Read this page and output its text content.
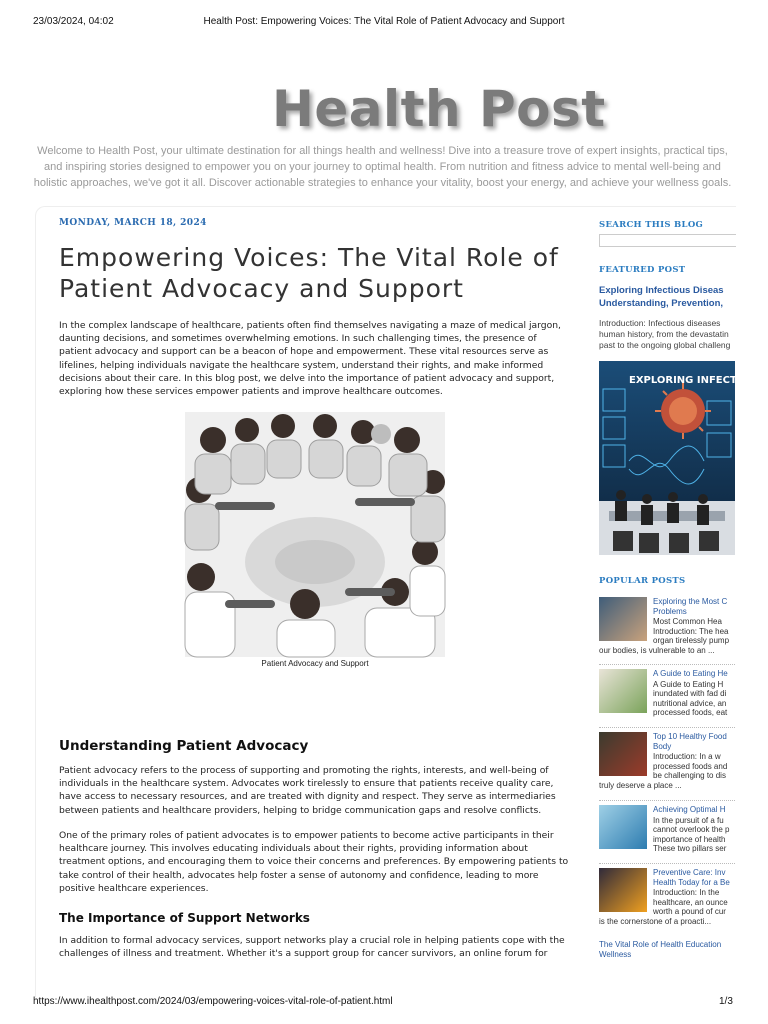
23/03/2024, 04:02	Health Post: Empowering Voices: The Vital Role of Patient Advocacy and Support
Health Post
Welcome to Health Post, your ultimate destination for all things health and wellness! Dive into a treasure trove of expert insights, practical tips, and inspiring stories designed to empower you on your journey to optimal health. From nutrition and fitness advice to mental well-being and holistic approaches, we've got it all. Discover actionable strategies to enhance your vitality, boost your energy, and achieve your wellness goals.
MONDAY, MARCH 18, 2024
Empowering Voices: The Vital Role of Patient Advocacy and Support

In the complex landscape of healthcare, patients often find themselves navigating a maze of medical jargon, daunting decisions, and sometimes overwhelming emotions. In such challenging times, the presence of patient advocacy and support can be a beacon of hope and empowerment. These vital resources serve as lifelines, helping individuals navigate the healthcare system, understand their rights, and make informed decisions about their care. In this blog post, we delve into the importance of patient advocacy and support, exploring how these services empower patients and improve healthcare outcomes.

Patient Advocacy and Support
Understanding Patient Advocacy

Patient advocacy refers to the process of supporting and promoting the rights, interests, and well-being of individuals in the healthcare system. Advocates work tirelessly to ensure that patients receive quality care, have access to necessary resources, and are treated with dignity and respect. They serve as intermediaries between patients and healthcare providers, helping to bridge communication gaps and resolve conflicts.

One of the primary roles of patient advocates is to empower patients to become active participants in their healthcare journey. This involves educating individuals about their rights, providing information about treatment options, and encouraging them to voice their concerns and preferences. By empowering patients to take control of their health, advocates help foster a sense of autonomy and confidence, leading to more positive healthcare experiences.

The Importance of Support Networks

In addition to formal advocacy services, support networks play a crucial role in helping patients cope with the challenges of illness and treatment. Whether it's a support group for cancer survivors, an online forum for

SEARCH THIS BLOG
FEATURED POST
Exploring Infectious Diseas
Understanding, Prevention,
Introduction: Infectious diseases
human history, from the devastatin
past to the ongoing global challeng
EXPLORING INFECTIOUS
POPULAR POSTS
Exploring the Most C
Problems
Most Common Hea
Introduction: The hea
organ tirelessly pump
our bodies, is vulnerable to an ...
A Guide to Eating He
A Guide to Eating H
inundated with fad di
nutritional advice, an
processed foods, eat
Top 10 Healthy Food
Body
Introduction: In a w
processed foods and
be challenging to dis
truly deserve a place ...
Achieving Optimal H
In the pursuit of a fu
cannot overlook the p
importance of health
These two pillars ser
Preventive Care: Inv
Health Today for a Be
Introduction: In the
healthcare, an ounce
worth a pound of cur
is the cornerstone of a proacti...
The Vital Role of Health Education
Wellness
https://www.ihealthpost.com/2024/03/empowering-voices-vital-role-of-patient.html	1/3
